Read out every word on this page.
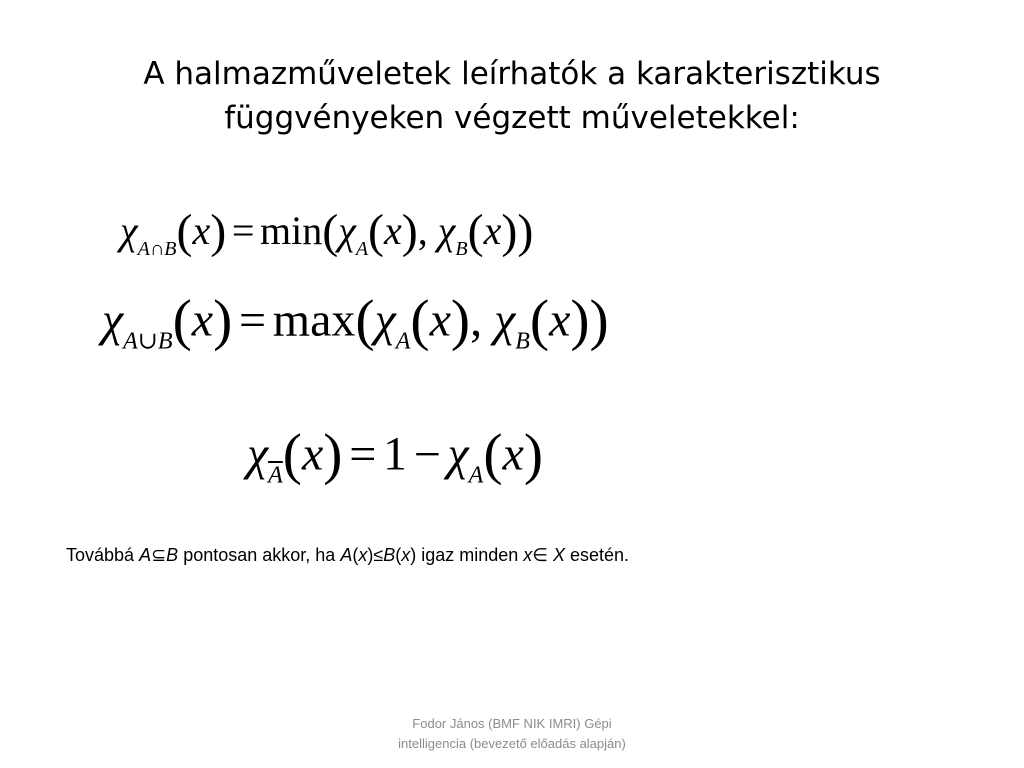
A halmazműveletek leírhatók a karakterisztikus
függvényeken végzett műveletekkel:
$\chi_{A\cap B}(x) = \min(\chi_A(x)$, $\chi_B(x)$)
$\chi_{A\cup B}(x) = \max(\chi_A(x)$, $\chi_B(x)$)
$\chi_{\overline{A}}(x) = 1 - \chi_A(x)$
Továbbá A⊆B pontosan akkor, ha A(x)≤B(x) igaz minden x∈ X esetén.
Fodor János (BMF NIK IMRI) Gépi
intelligencia (bevezető előadás alapján)
